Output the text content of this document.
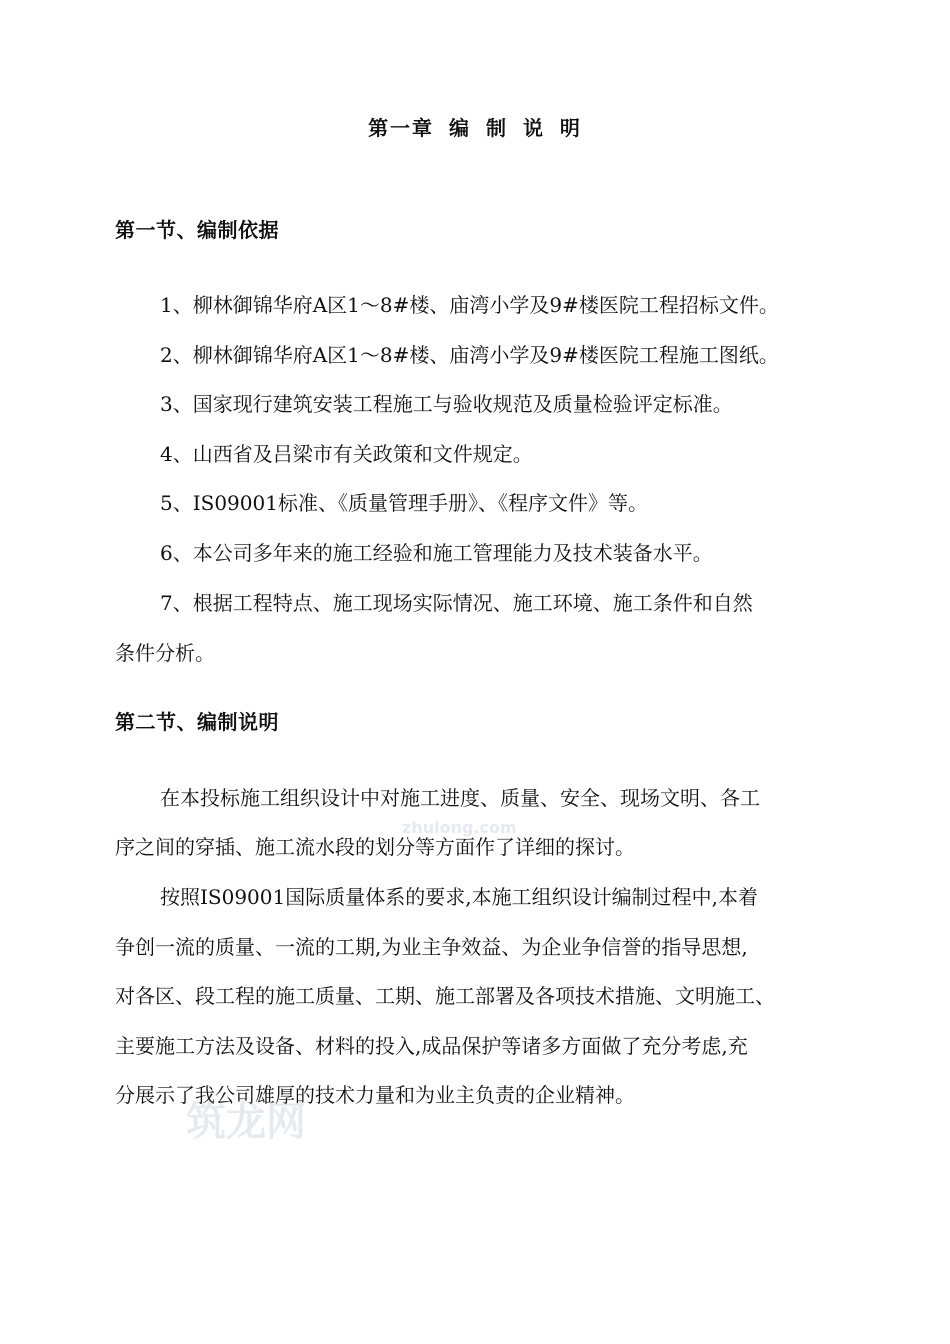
第一章 编 制 说 明
第一节、编制依据
1、柳林御锦华府A区1～8#楼、庙湾小学及9#楼医院工程招标文件。
2、柳林御锦华府A区1～8#楼、庙湾小学及9#楼医院工程施工图纸。
3、国家现行建筑安装工程施工与验收规范及质量检验评定标准。
4、山西省及吕梁市有关政策和文件规定。
5、IS09001标准、《质量管理手册》、《程序文件》等。
6、本公司多年来的施工经验和施工管理能力及技术装备水平。
7、根据工程特点、施工现场实际情况、施工环境、施工条件和自然
条件分析。
第二节、编制说明
在本投标施工组织设计中对施工进度、质量、安全、现场文明、各工
序之间的穿插、施工流水段的划分等方面作了详细的探讨。
按照IS09001国际质量体系的要求,本施工组织设计编制过程中,本着
争创一流的质量、一流的工期,为业主争效益、为企业争信誉的指导思想,
对各区、段工程的施工质量、工期、施工部署及各项技术措施、文明施工、
主要施工方法及设备、材料的投入,成品保护等诸多方面做了充分考虑,充
分展示了我公司雄厚的技术力量和为业主负责的企业精神。
zhulong.com
筑龙网
